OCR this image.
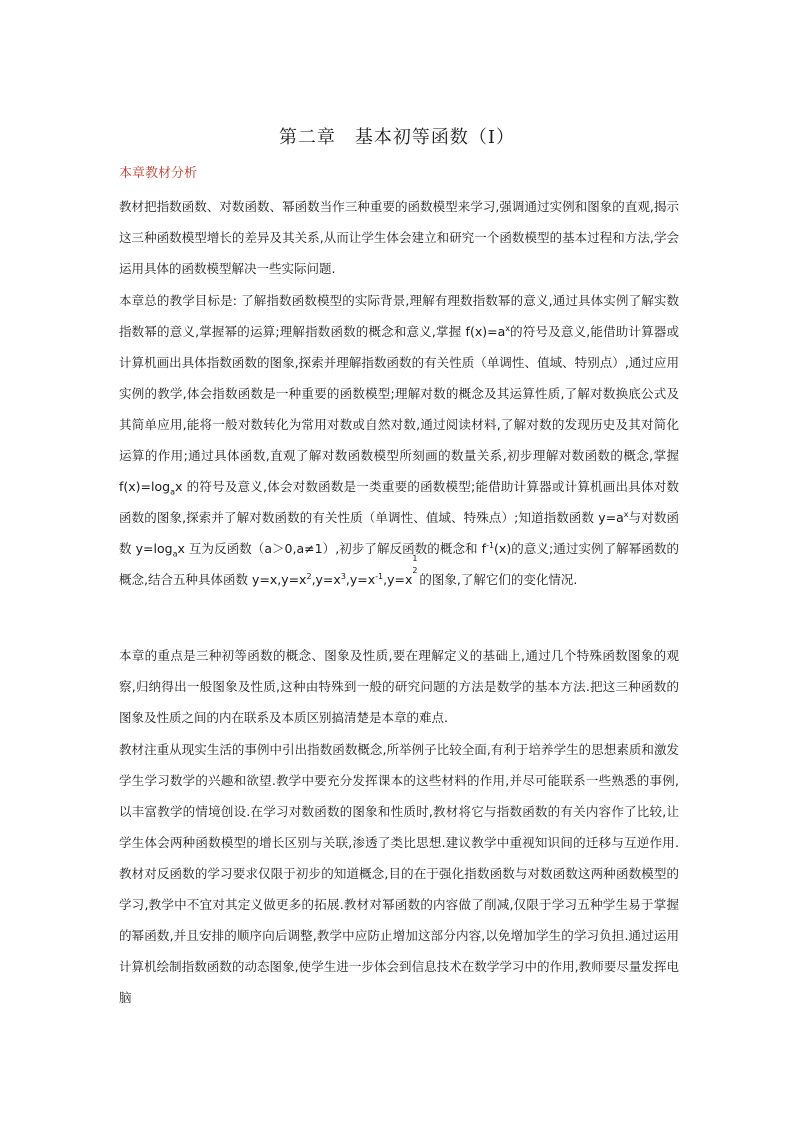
第二章　基本初等函数（Ⅰ）
本章教材分析

教材把指数函数、对数函数、幂函数当作三种重要的函数模型来学习,强调通过实例和图象的直观,揭示这三种函数模型增长的差异及其关系,从而让学生体会建立和研究一个函数模型的基本过程和方法,学会运用具体的函数模型解决一些实际问题.

本章总的教学目标是: 了解指数函数模型的实际背景,理解有理数指数幂的意义,通过具体实例了解实数指数幂的意义,掌握幂的运算;理解指数函数的概念和意义,掌握 $f(x)=a^x$的符号及意义,能借助计算器或计算机画出具体指数函数的图象,探索并理解指数函数的有关性质（单调性、值域、特别点）,通过应用实例的教学,体会指数函数是一种重要的函数模型;理解对数的概念及其运算性质,了解对数换底公式及其简单应用,能将一般对数转化为常用对数或自然对数,通过阅读材料,了解对数的发现历史及其对简化运算的作用;通过具体函数,直观了解对数函数模型所刻画的数量关系,初步理解对数函数的概念,掌握 $f(x)=\log_ax$ 的符号及意义,体会对数函数是一类重要的函数模型;能借助计算器或计算机画出具体对数函数的图象,探索并了解对数函数的有关性质（单调性、值域、特殊点）;知道指数函数 $y=a^x$与对数函数 $y=\log_ax$ 互为反函数（a＞0,a≠1）,初步了解反函数的概念和 $f^{-1}(x)$的意义;通过实例了解幂函数的概念,结合五种具体函数 $y=x,y=x^2,y=x^3,y=x^{-1},y=x$
1
2
的图象,了解它们的变化情况.

本章的重点是三种初等函数的概念、图象及性质,要在理解定义的基础上,通过几个特殊函数图象的观察,归纳得出一般图象及性质,这种由特殊到一般的研究问题的方法是数学的基本方法.把这三种函数的图象及性质之间的内在联系及本质区别搞清楚是本章的难点.

教材注重从现实生活的事例中引出指数函数概念,所举例子比较全面,有利于培养学生的思想素质和激发学生学习数学的兴趣和欲望.教学中要充分发挥课本的这些材料的作用,并尽可能联系一些熟悉的事例,以丰富教学的情境创设.在学习对数函数的图象和性质时,教材将它与指数函数的有关内容作了比较,让学生体会两种函数模型的增长区别与关联,渗透了类比思想.建议教学中重视知识间的迁移与互逆作用.教材对反函数的学习要求仅限于初步的知道概念,目的在于强化指数函数与对数函数这两种函数模型的学习,教学中不宜对其定义做更多的拓展.教材对幂函数的内容做了削减,仅限于学习五种学生易于掌握的幂函数,并且安排的顺序向后调整,教学中应防止增加这部分内容,以免增加学生的学习负担.通过运用计算机绘制指数函数的动态图象,使学生进一步体会到信息技术在数学学习中的作用,教师要尽量发挥电脑
